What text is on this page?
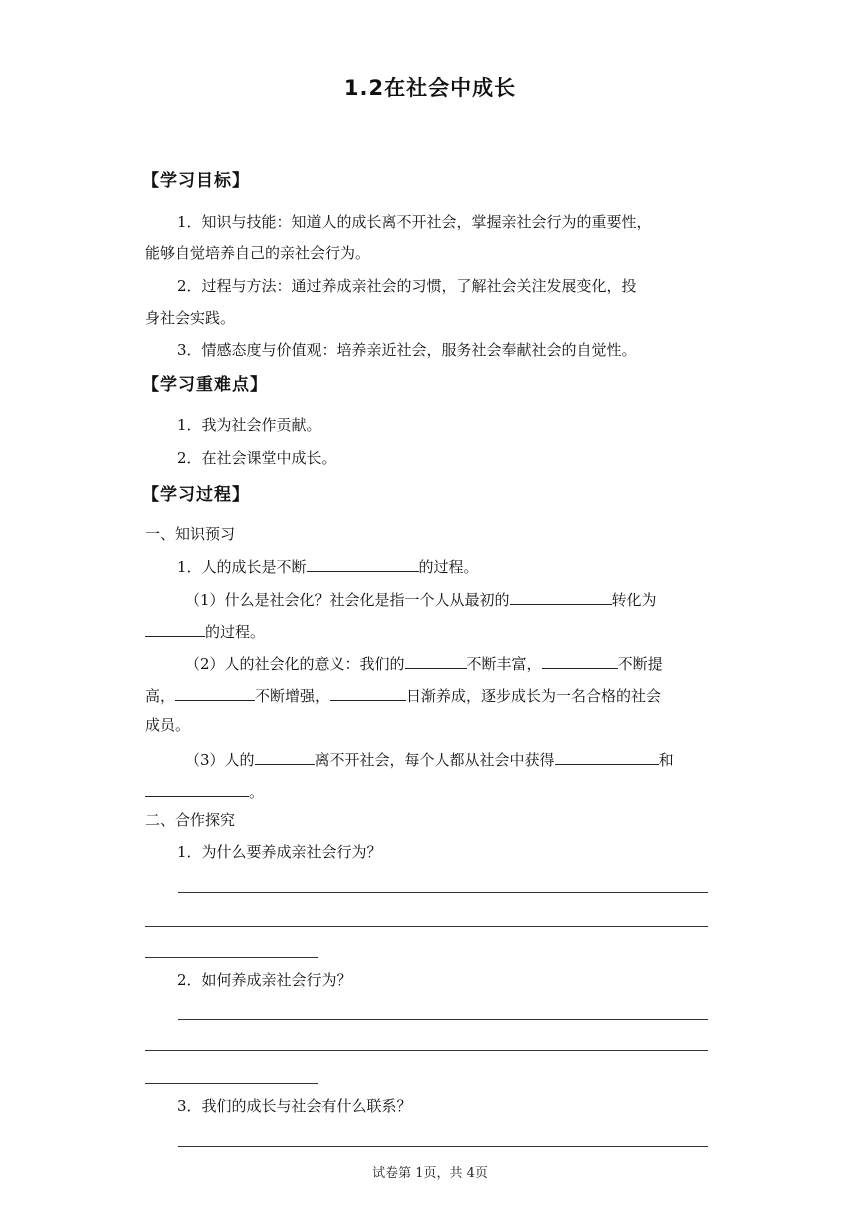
1.2在社会中成长
【学习目标】
1．知识与技能：知道人的成长离不开社会，掌握亲社会行为的重要性，
能够自觉培养自己的亲社会行为。
2．过程与方法：通过养成亲社会的习惯，了解社会关注发展变化，投
身社会实践。
3．情感态度与价值观：培养亲近社会，服务社会奉献社会的自觉性。
【学习重难点】
1．我为社会作贡献。
2．在社会课堂中成长。
【学习过程】
一、知识预习
1．人的成长是不断	的过程。
（1）什么是社会化？社会化是指一个人从最初的	转化为
的过程。
（2）人的社会化的意义：我们的	不断丰富，	不断提
高，	不断增强，	日渐养成，逐步成长为一名合格的社会
成员。
（3）人的	离不开社会，每个人都从社会中获得	和
。
二、合作探究
1．为什么要养成亲社会行为？
2．如何养成亲社会行为？
3．我们的成长与社会有什么联系？
试卷第 1页，共 4页
